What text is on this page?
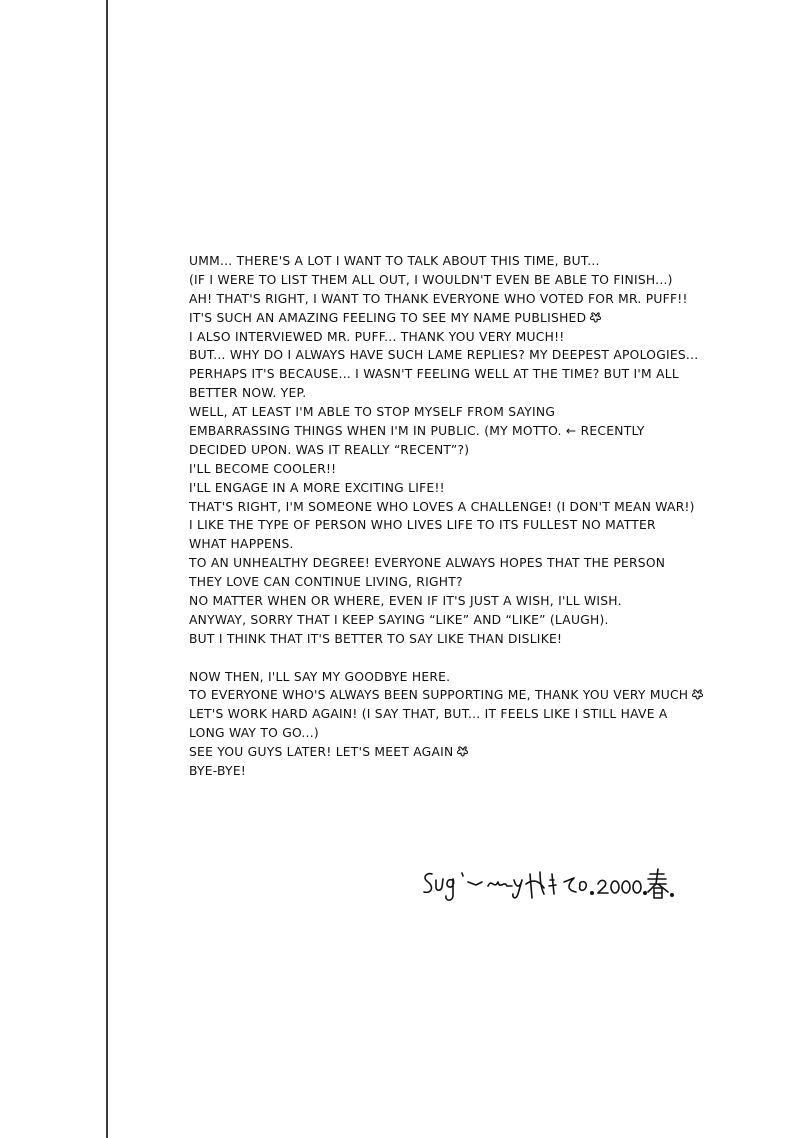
UMM... THERE'S A LOT I WANT TO TALK ABOUT THIS TIME, BUT...
(IF I WERE TO LIST THEM ALL OUT, I WOULDN'T EVEN BE ABLE TO FINISH...)
AH! THAT'S RIGHT, I WANT TO THANK EVERYONE WHO VOTED FOR MR. PUFF!!
IT'S SUCH AN AMAZING FEELING TO SEE MY NAME PUBLISHED
I ALSO INTERVIEWED MR. PUFF... THANK YOU VERY MUCH!!
BUT... WHY DO I ALWAYS HAVE SUCH LAME REPLIES? MY DEEPEST APOLOGIES...
PERHAPS IT'S BECAUSE... I WASN'T FEELING WELL AT THE TIME? BUT I'M ALL
BETTER NOW. YEP.
WELL, AT LEAST I'M ABLE TO STOP MYSELF FROM SAYING
EMBARRASSING THINGS WHEN I'M IN PUBLIC. (MY MOTTO. ← RECENTLY
DECIDED UPON. WAS IT REALLY “RECENT”?)
I'LL BECOME COOLER!!
I'LL ENGAGE IN A MORE EXCITING LIFE!!
THAT'S RIGHT, I'M SOMEONE WHO LOVES A CHALLENGE! (I DON'T MEAN WAR!)
I LIKE THE TYPE OF PERSON WHO LIVES LIFE TO ITS FULLEST NO MATTER
WHAT HAPPENS.
TO AN UNHEALTHY DEGREE! EVERYONE ALWAYS HOPES THAT THE PERSON
THEY LOVE CAN CONTINUE LIVING, RIGHT?
NO MATTER WHEN OR WHERE, EVEN IF IT'S JUST A WISH, I'LL WISH.
ANYWAY, SORRY THAT I KEEP SAYING “LIKE” AND “LIKE” (LAUGH).
BUT I THINK THAT IT'S BETTER TO SAY LIKE THAN DISLIKE!
NOW THEN, I'LL SAY MY GOODBYE HERE.
TO EVERYONE WHO'S ALWAYS BEEN SUPPORTING ME, THANK YOU VERY MUCH
LET'S WORK HARD AGAIN! (I SAY THAT, BUT... IT FEELS LIKE I STILL HAVE A
LONG WAY TO GO...)
SEE YOU GUYS LATER! LET'S MEET AGAIN
BYE-BYE!
